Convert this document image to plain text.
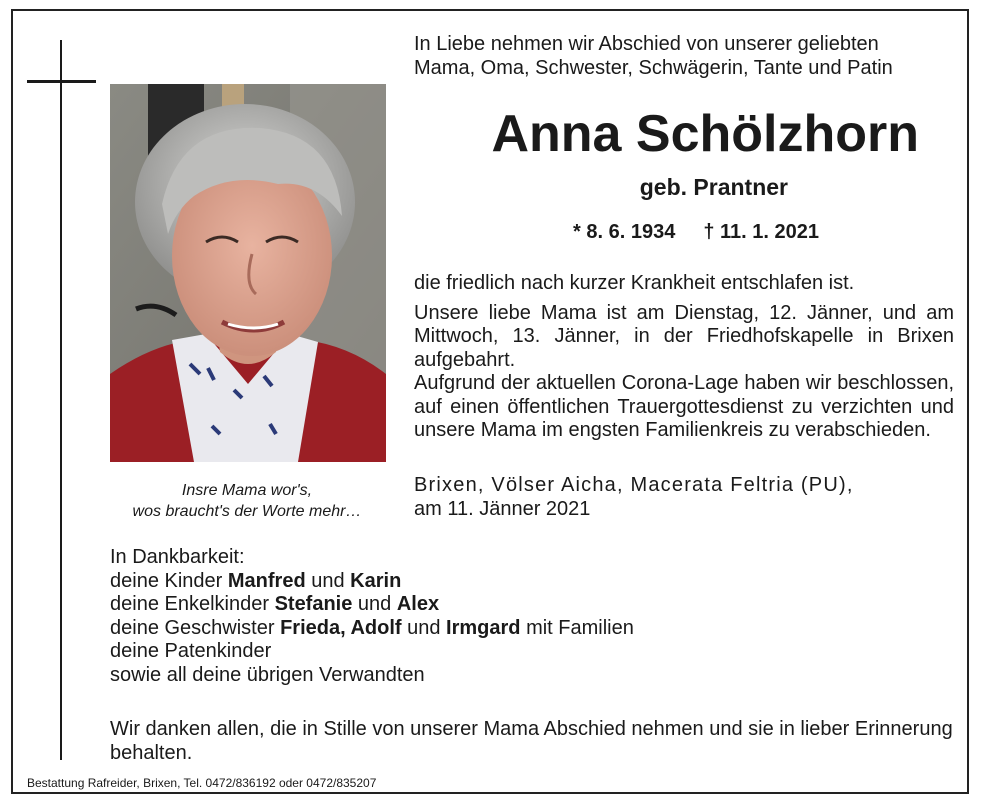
Insre Mama wor's,
wos braucht's der Worte mehr…
In Liebe nehmen wir Abschied von unserer geliebten
Mama, Oma, Schwester, Schwägerin, Tante und Patin
Anna Schölzhorn
geb. Prantner
* 8. 6. 1934 † 11. 1. 2021

die friedlich nach kurzer Krankheit entschlafen ist.

Unsere liebe Mama ist am Dienstag, 12. Jänner, und am Mittwoch, 13. Jänner, in der Friedhofskapelle in Brixen aufgebahrt.

Aufgrund der aktuellen Corona-Lage haben wir beschlossen, auf einen öffentlichen Trauergottesdienst zu verzichten und unsere Mama im engsten Familienkreis zu verabschieden.

Brixen, Völser Aicha, Macerata Feltria (PU),
am 11. Jänner 2021
In Dankbarkeit:
deine Kinder Manfred und Karin
deine Enkelkinder Stefanie und Alex
deine Geschwister Frieda, Adolf und Irmgard mit Familien
deine Patenkinder
sowie all deine übrigen Verwandten
Wir danken allen, die in Stille von unserer Mama Abschied nehmen und sie in lieber Erinnerung behalten.
Bestattung Rafreider, Brixen, Tel. 0472/836192 oder 0472/835207
